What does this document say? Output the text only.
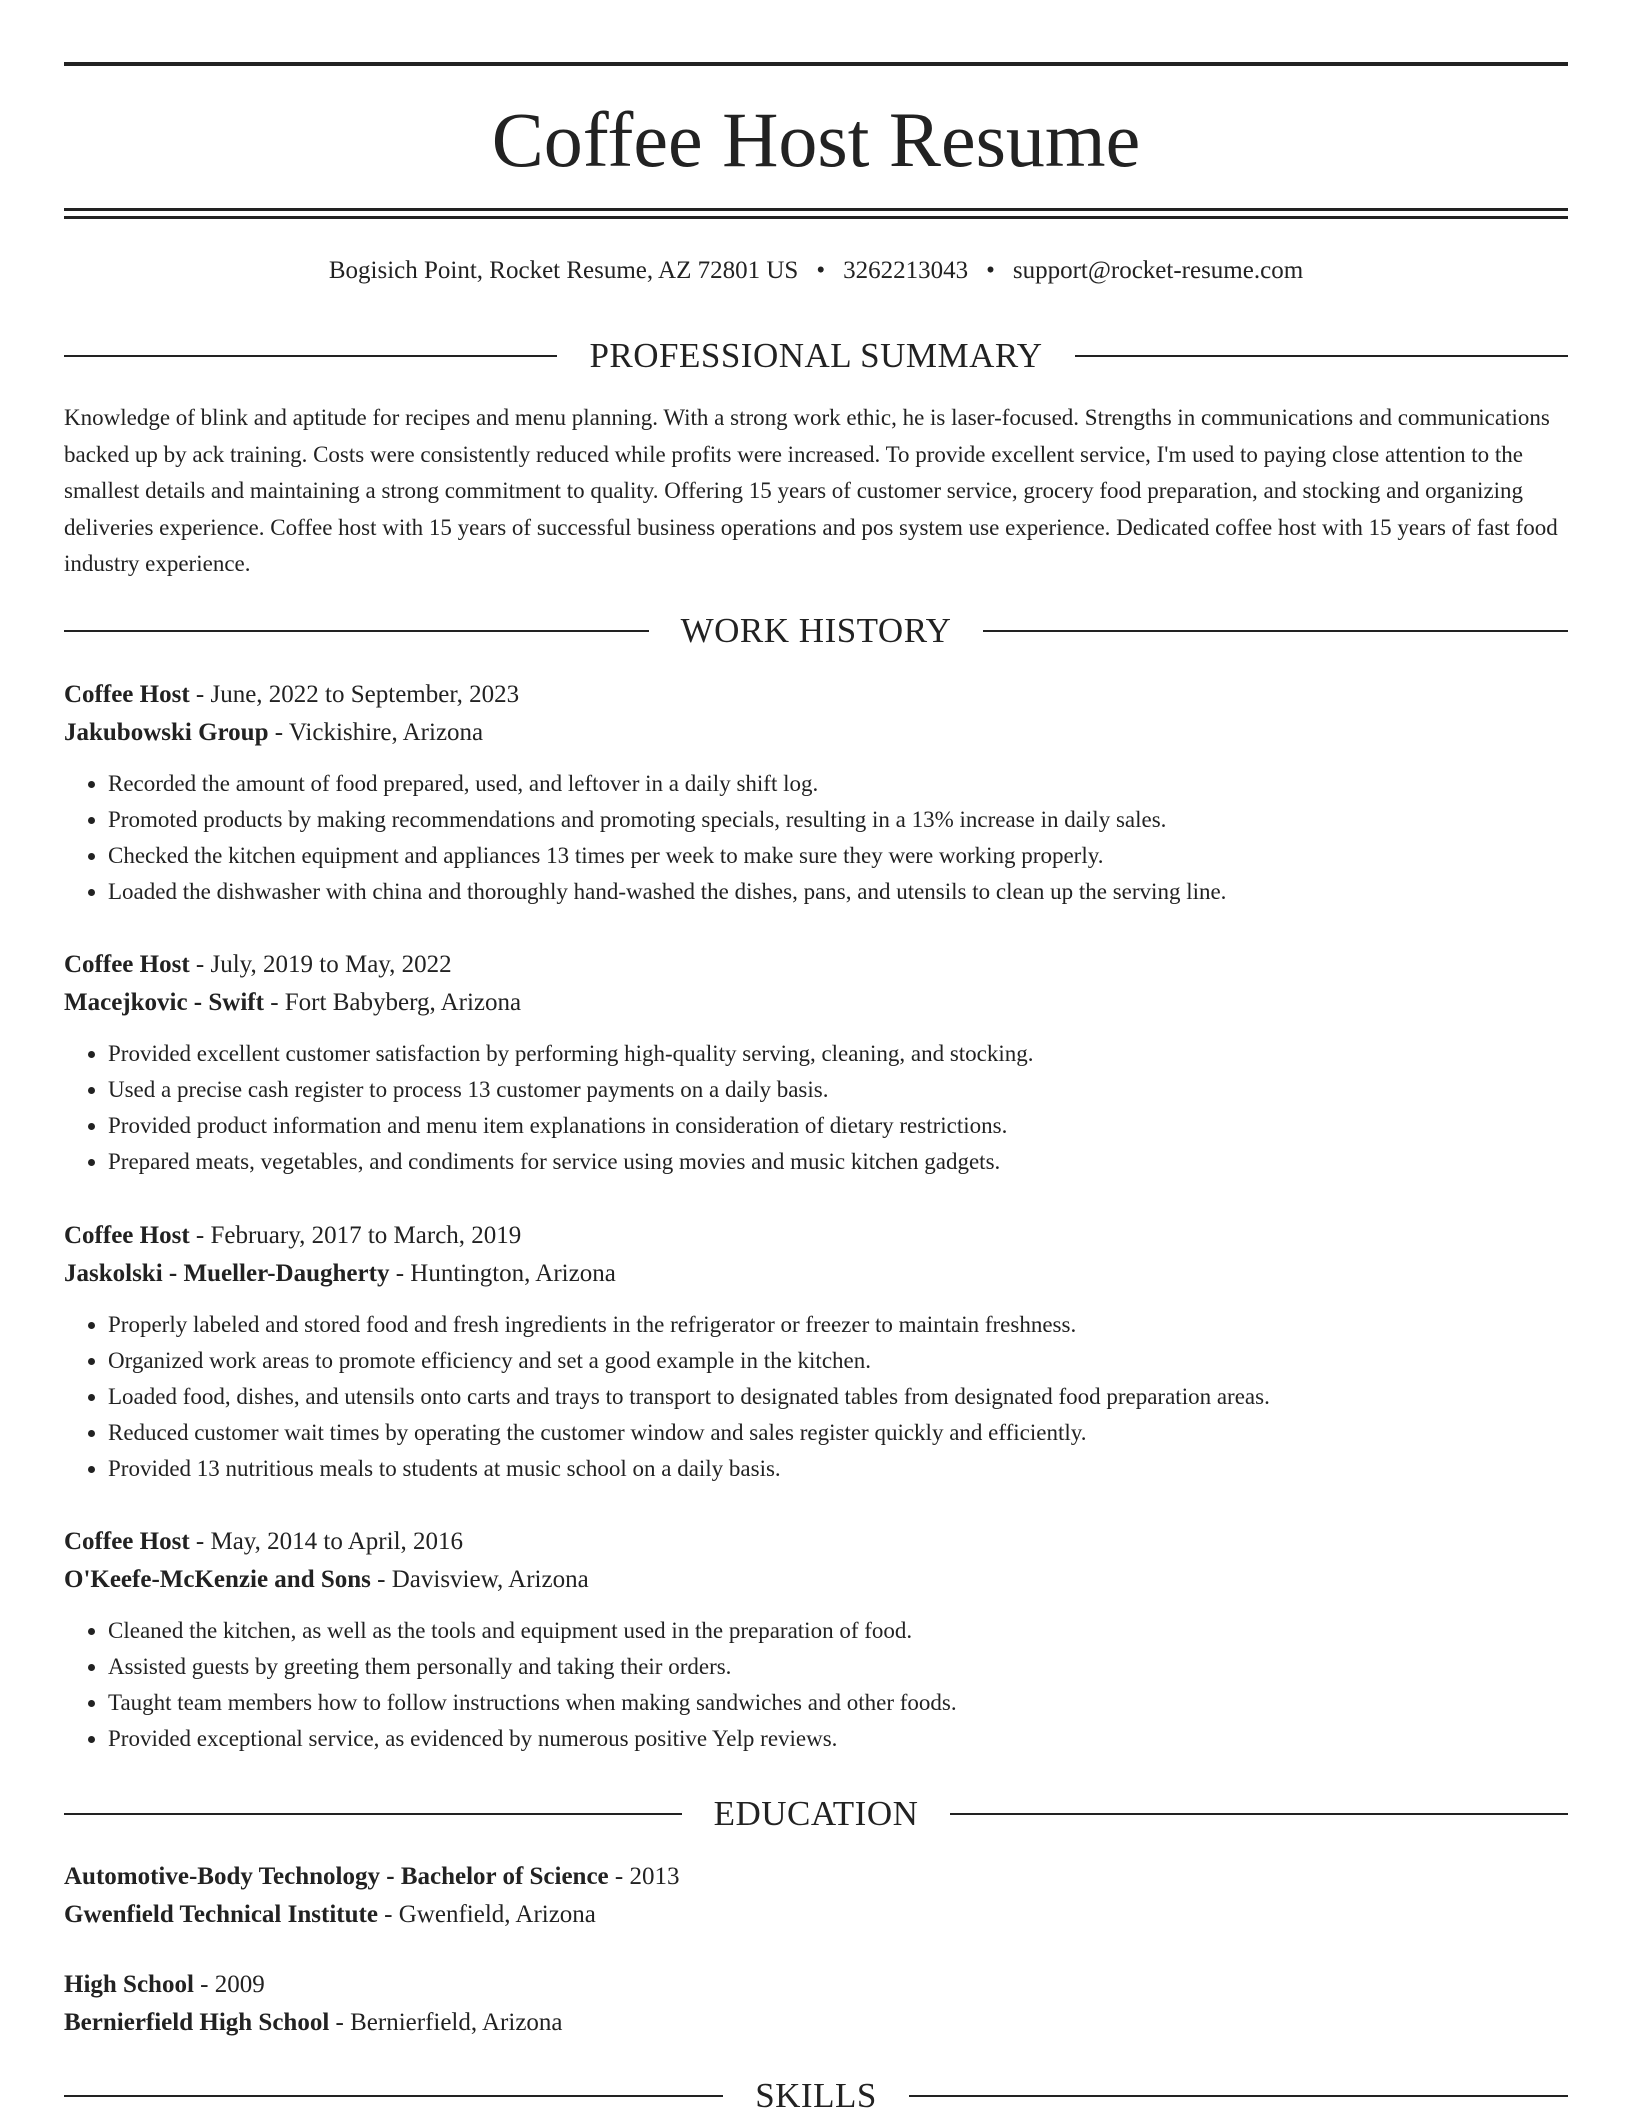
Coffee Host Resume
Bogisich Point, Rocket Resume, AZ 72801 US • 3262213043 • support@rocket-resume.com
PROFESSIONAL SUMMARY
Knowledge of blink and aptitude for recipes and menu planning. With a strong work ethic, he is laser-focused. Strengths in communications and communications backed up by ack training. Costs were consistently reduced while profits were increased. To provide excellent service, I'm used to paying close attention to the smallest details and maintaining a strong commitment to quality. Offering 15 years of customer service, grocery food preparation, and stocking and organizing deliveries experience. Coffee host with 15 years of successful business operations and pos system use experience. Dedicated coffee host with 15 years of fast food industry experience.
WORK HISTORY
Coffee Host - June, 2022 to September, 2023
Jakubowski Group - Vickishire, Arizona
• Recorded the amount of food prepared, used, and leftover in a daily shift log.
• Promoted products by making recommendations and promoting specials, resulting in a 13% increase in daily sales.
• Checked the kitchen equipment and appliances 13 times per week to make sure they were working properly.
• Loaded the dishwasher with china and thoroughly hand-washed the dishes, pans, and utensils to clean up the serving line.
Coffee Host - July, 2019 to May, 2022
Macejkovic - Swift - Fort Babyberg, Arizona
• Provided excellent customer satisfaction by performing high-quality serving, cleaning, and stocking.
• Used a precise cash register to process 13 customer payments on a daily basis.
• Provided product information and menu item explanations in consideration of dietary restrictions.
• Prepared meats, vegetables, and condiments for service using movies and music kitchen gadgets.
Coffee Host - February, 2017 to March, 2019
Jaskolski - Mueller-Daugherty - Huntington, Arizona
• Properly labeled and stored food and fresh ingredients in the refrigerator or freezer to maintain freshness.
• Organized work areas to promote efficiency and set a good example in the kitchen.
• Loaded food, dishes, and utensils onto carts and trays to transport to designated tables from designated food preparation areas.
• Reduced customer wait times by operating the customer window and sales register quickly and efficiently.
• Provided 13 nutritious meals to students at music school on a daily basis.
Coffee Host - May, 2014 to April, 2016
O'Keefe-McKenzie and Sons - Davisview, Arizona
• Cleaned the kitchen, as well as the tools and equipment used in the preparation of food.
• Assisted guests by greeting them personally and taking their orders.
• Taught team members how to follow instructions when making sandwiches and other foods.
• Provided exceptional service, as evidenced by numerous positive Yelp reviews.
EDUCATION
Automotive-Body Technology - Bachelor of Science - 2013
Gwenfield Technical Institute - Gwenfield, Arizona
High School - 2009
Bernierfield High School - Bernierfield, Arizona
SKILLS
